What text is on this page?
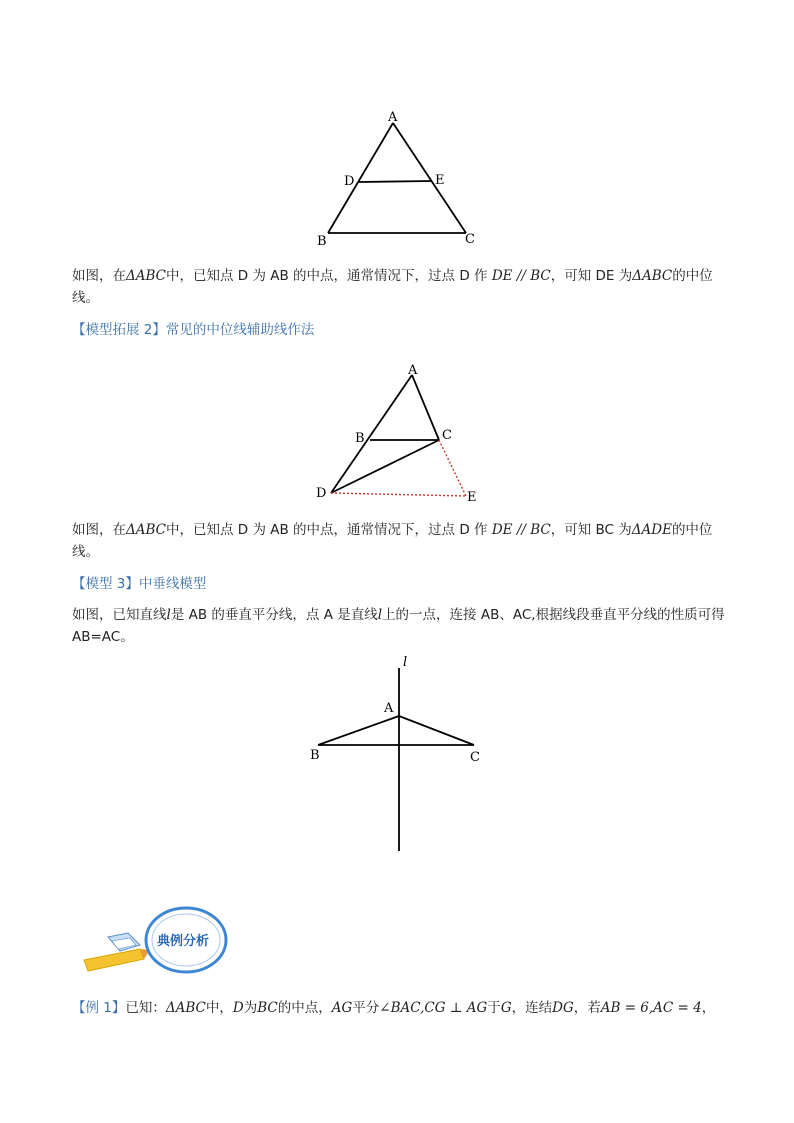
A
D	E
B	C
如图，在ΔABC中，已知点 D 为 AB 的中点，通常情况下，过点 D 作 DE // BC，可知 DE 为ΔABC的中位线。
【模型拓展 2】常见的中位线辅助线作法
A
B	C
D	E
如图，在ΔABC中，已知点 D 为 AB 的中点，通常情况下，过点 D 作 DE // BC，可知 BC 为ΔADE的中位线。
【模型 3】中垂线模型
如图，已知直线l是 AB 的垂直平分线，点 A 是直线l上的一点，连接 AB、AC,根据线段垂直平分线的性质可得 AB=AC。
l
A
B	C
典例分析
【例 1】已知：ΔABC中，D为BC的中点，AG平分∠BAC,CG ⊥ AG于G，连结DG，若AB = 6,AC = 4，
